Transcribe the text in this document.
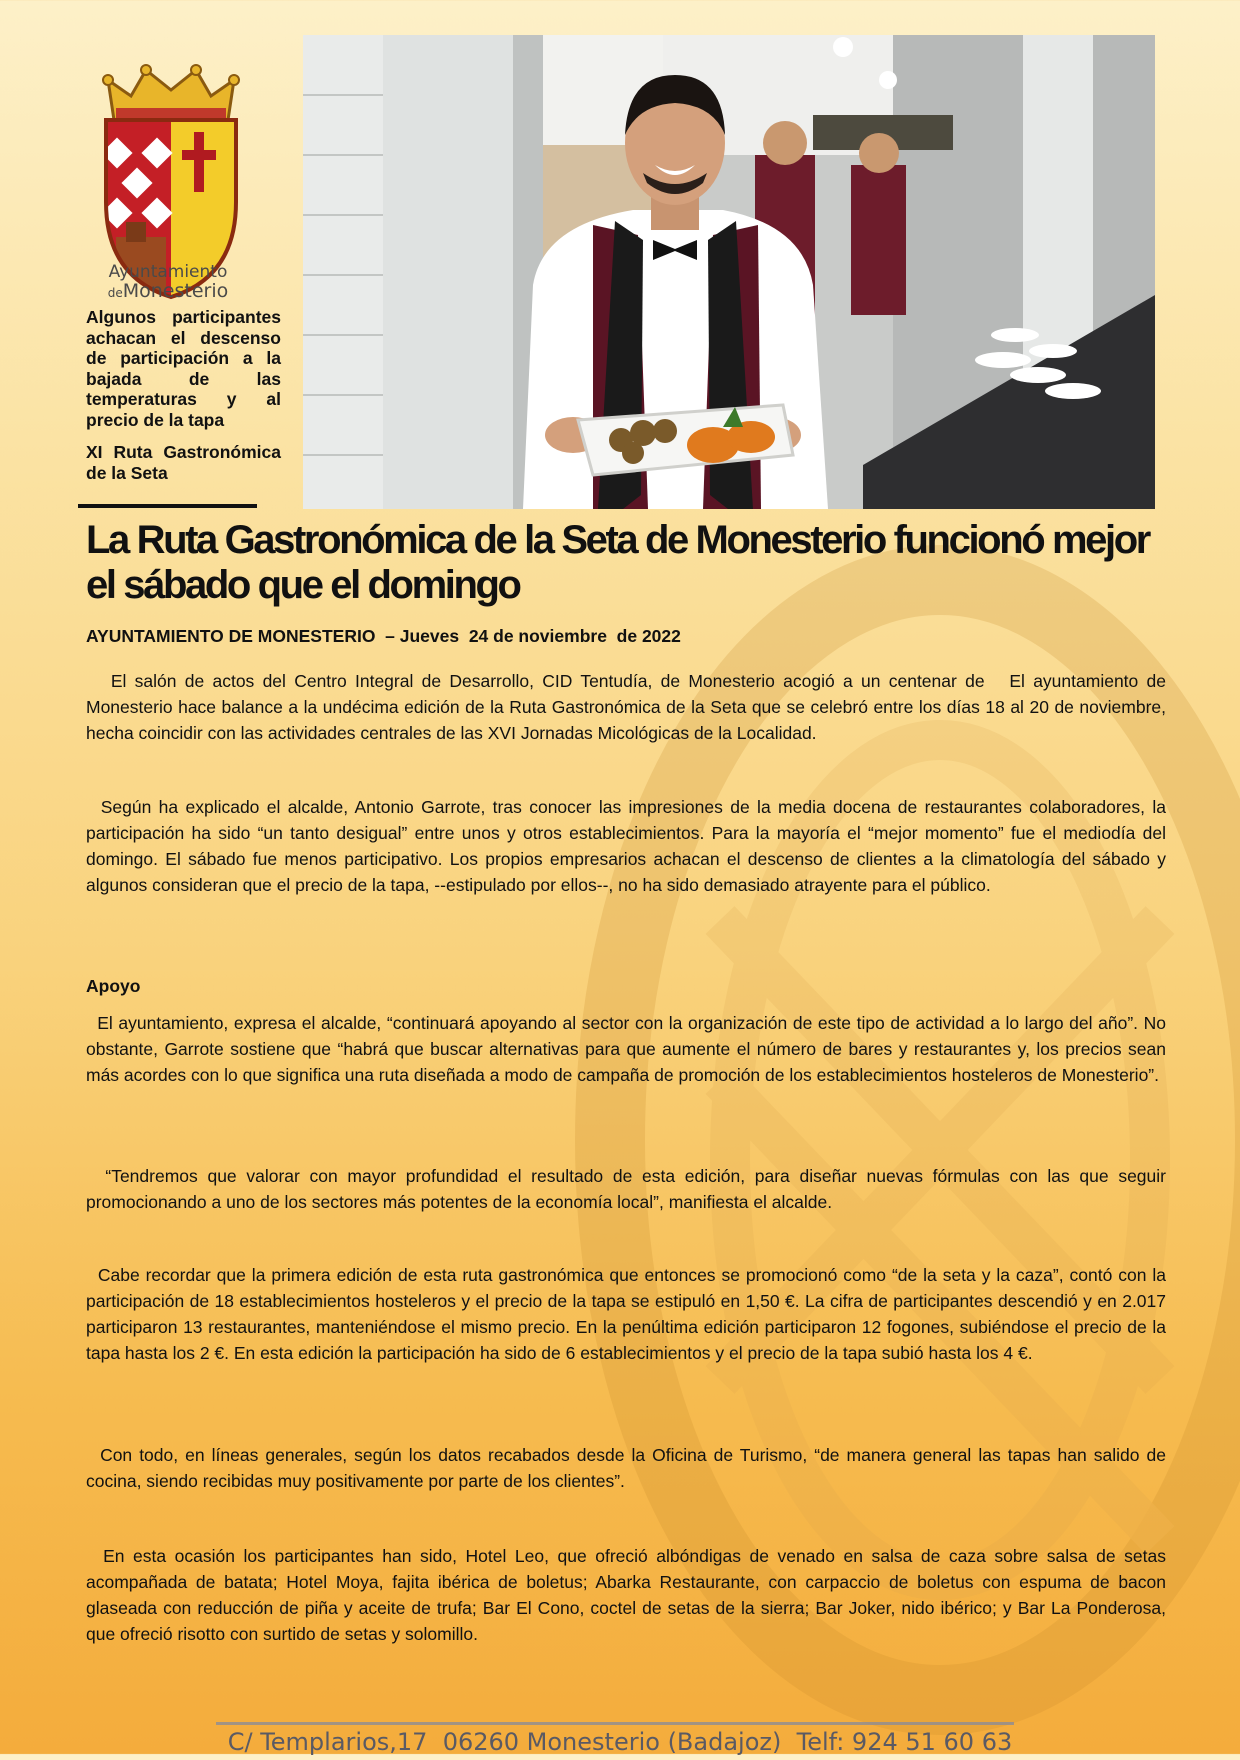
Ayuntamiento
deMonesterio
Algunos participantes achacan el descenso de participación a la bajada de las temperaturas y al precio de la tapa
XI Ruta Gastronómica de la Seta
La Ruta Gastronómica de la Seta de Monesterio funcionó mejor el sábado que el domingo
AYUNTAMIENTO DE MONESTERIO  – Jueves  24 de noviembre  de 2022
El salón de actos del Centro Integral de Desarrollo, CID Tentudía, de Monesterio acogió a un centenar de   El ayuntamiento de Monesterio hace balance a la undécima edición de la Ruta Gastronómica de la Seta que se celebró entre los días 18 al 20 de noviembre, hecha coincidir con las actividades centrales de las XVI Jornadas Micológicas de la Localidad.
Según ha explicado el alcalde, Antonio Garrote, tras conocer las impresiones de la media docena de restaurantes colaboradores, la participación ha sido “un tanto desigual” entre unos y otros establecimientos. Para la mayoría el “mejor momento” fue el mediodía del domingo. El sábado fue menos participativo. Los propios empresarios achacan el descenso de clientes a la climatología del sábado y algunos consideran que el precio de la tapa, --estipulado por ellos--, no ha sido demasiado atrayente para el público.
Apoyo
El ayuntamiento, expresa el alcalde, “continuará apoyando al sector con la organización de este tipo de actividad a lo largo del año”. No obstante, Garrote sostiene que “habrá que buscar alternativas para que aumente el número de bares y restaurantes y, los precios sean más acordes con lo que significa una ruta diseñada a modo de campaña de promoción de los establecimientos hosteleros de Monesterio”.
“Tendremos que valorar con mayor profundidad el resultado de esta edición, para diseñar nuevas fórmulas con las que seguir promocionando a uno de los sectores más potentes de la economía local”, manifiesta el alcalde.
Cabe recordar que la primera edición de esta ruta gastronómica que entonces se promocionó como “de la seta y la caza”, contó con la participación de 18 establecimientos hosteleros y el precio de la tapa se estipuló en 1,50 €. La cifra de participantes descendió y en 2.017 participaron 13 restaurantes, manteniéndose el mismo precio. En la penúltima edición participaron 12 fogones, subiéndose el precio de la tapa hasta los 2 €. En esta edición la participación ha sido de 6 establecimientos y el precio de la tapa subió hasta los 4 €.
Con todo, en líneas generales, según los datos recabados desde la Oficina de Turismo, “de manera general las tapas han salido de cocina, siendo recibidas muy positivamente por parte de los clientes”.
En esta ocasión los participantes han sido, Hotel Leo, que ofreció albóndigas de venado en salsa de caza sobre salsa de setas acompañada de batata; Hotel Moya, fajita ibérica de boletus; Abarka Restaurante, con carpaccio de boletus con espuma de bacon glaseada con reducción de piña y aceite de trufa; Bar El Cono, coctel de setas de la sierra; Bar Joker, nido ibérico; y Bar La Ponderosa, que ofreció risotto con surtido de setas y solomillo.
C/ Templarios,17  06260 Monesterio (Badajoz)  Telf: 924 51 60 63
